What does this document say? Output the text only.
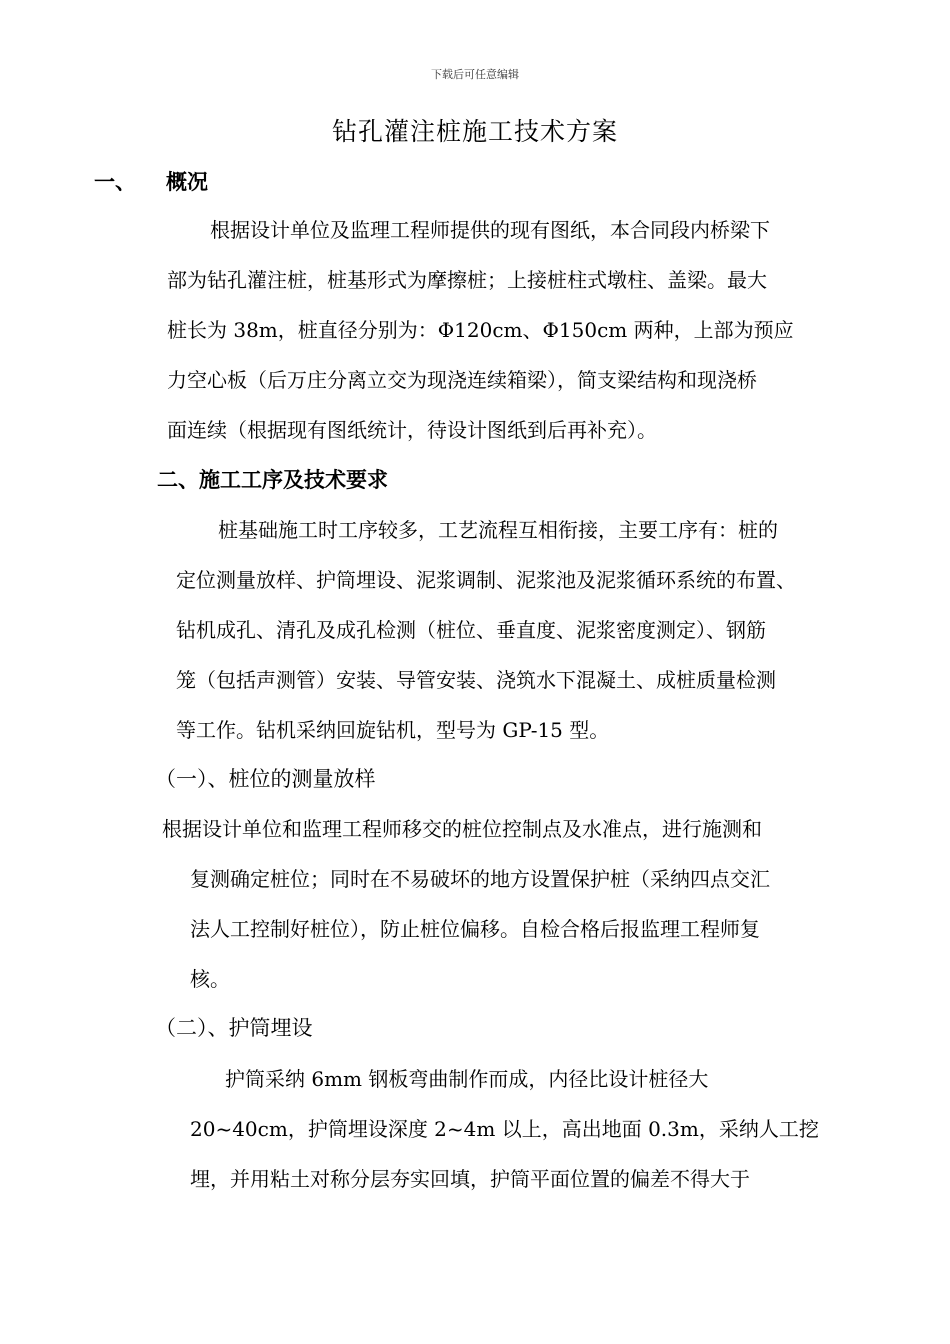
下载后可任意编辑
钻孔灌注桩施工技术方案
一、 概况
根据设计单位及监理工程师提供的现有图纸，本合同段内桥梁下
部为钻孔灌注桩，桩基形式为摩擦桩；上接桩柱式墩柱、盖梁。最大
桩长为 38m，桩直径分别为：Φ120cm、Φ150cm 两种，上部为预应
力空心板（后万庄分离立交为现浇连续箱梁），简支梁结构和现浇桥
面连续（根据现有图纸统计，待设计图纸到后再补充）。
二、施工工序及技术要求
桩基础施工时工序较多，工艺流程互相衔接，主要工序有：桩的
定位测量放样、护筒埋设、泥浆调制、泥浆池及泥浆循环系统的布置、
钻机成孔、清孔及成孔检测（桩位、垂直度、泥浆密度测定）、钢筋
笼（包括声测管）安装、导管安装、浇筑水下混凝土、成桩质量检测
等工作。钻机采纳回旋钻机，型号为 GP-15 型。
（一）、桩位的测量放样
根据设计单位和监理工程师移交的桩位控制点及水准点，进行施测和
复测确定桩位；同时在不易破坏的地方设置保护桩（采纳四点交汇
法人工控制好桩位），防止桩位偏移。自检合格后报监理工程师复
核。
（二）、护筒埋设
护筒采纳 6mm 钢板弯曲制作而成，内径比设计桩径大
20~40cm，护筒埋设深度 2~4m 以上，高出地面 0.3m，采纳人工挖
埋，并用粘土对称分层夯实回填，护筒平面位置的偏差不得大于
